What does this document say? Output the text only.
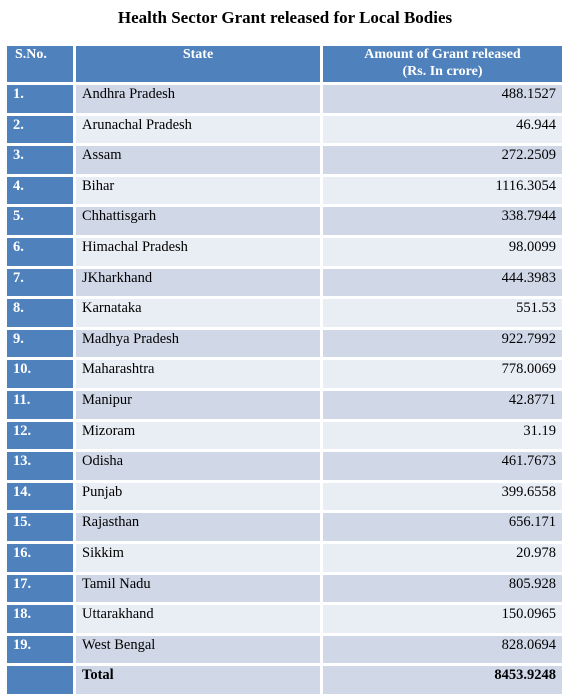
Health Sector Grant released for Local Bodies
S.No.	State	Amount of Grant released
(Rs. In crore)
1.	Andhra Pradesh	488.1527
2.	Arunachal Pradesh	46.944
3.	Assam	272.2509
4.	Bihar	1116.3054
5.	Chhattisgarh	338.7944
6.	Himachal Pradesh	98.0099
7.	JKharkhand	444.3983
8.	Karnataka	551.53
9.	Madhya Pradesh	922.7992
10.	Maharashtra	778.0069
11.	Manipur	42.8771
12.	Mizoram	31.19
13.	Odisha	461.7673
14.	Punjab	399.6558
15.	Rajasthan	656.171
16.	Sikkim	20.978
17.	Tamil Nadu	805.928
18.	Uttarakhand	150.0965
19.	West Bengal	828.0694
	Total	8453.9248
